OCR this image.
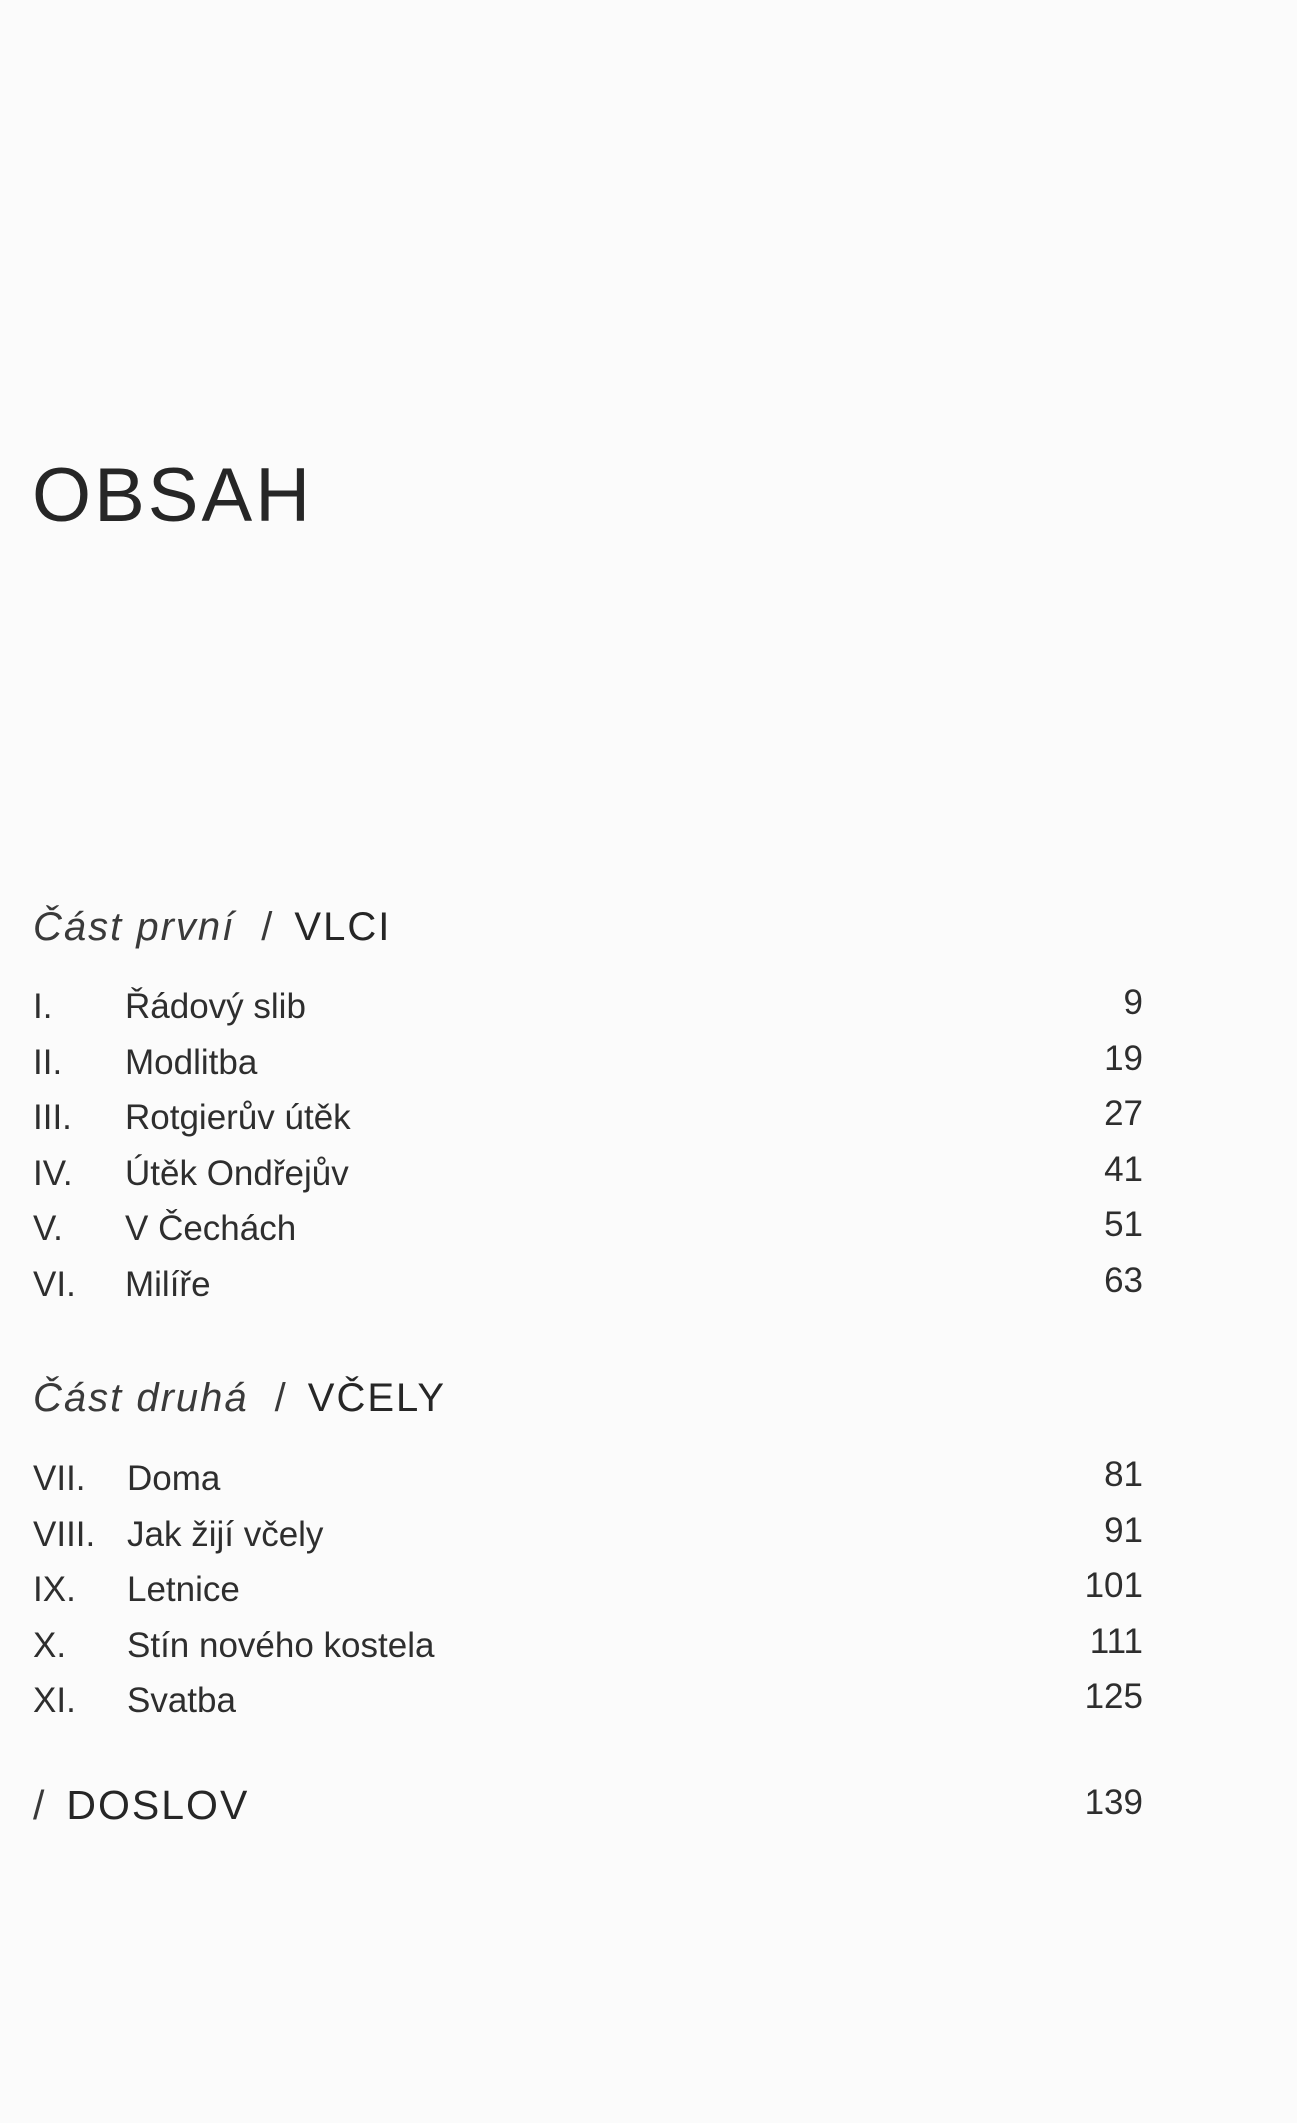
OBSAH
Část první / VLCI
I. Řádový slib	9
II. Modlitba	19
III. Rotgierův útěk	27
IV. Útěk Ondřejův	41
V. V Čechách	51
VI. Milíře	63
Část druhá / VČELY
VII. Doma	81
VIII. Jak žijí včely	91
IX. Letnice	101
X. Stín nového kostela	111
XI. Svatba	125
/ DOSLOV	139
